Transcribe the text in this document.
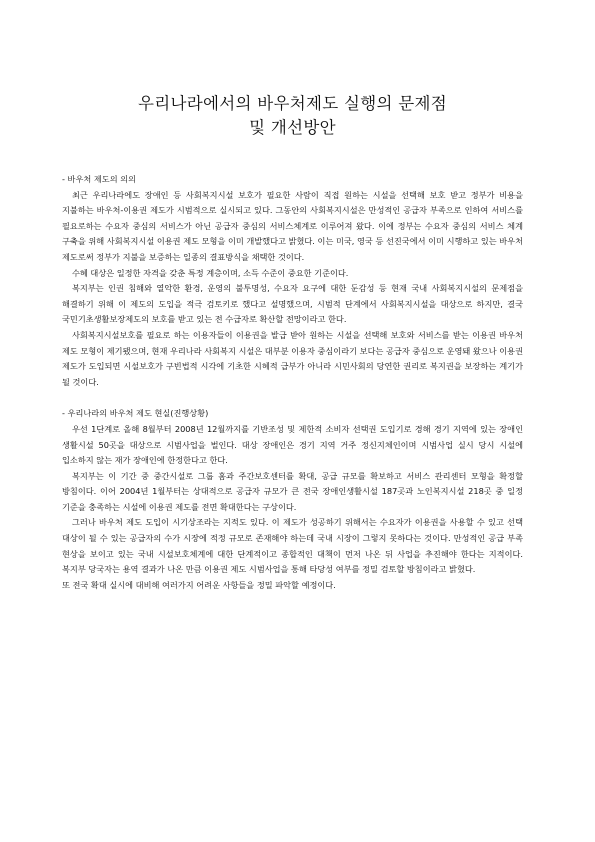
우리나라에서의 바우처제도 실행의 문제점
및 개선방안
- 바우처 제도의 의의

최근 우리나라에도 장애인 등 사회복지시설 보호가 필요한 사람이 직접 원하는 시설을 선택해 보호 받고 정부가 비용을 지불하는 바우처-이용권 제도가 시범적으로 실시되고 있다. 그동안의 사회복지시설은 만성적인 공급자 부족으로 인하여 서비스를 필요로하는 수요자 중심의 서비스가 아닌 공급자 중심의 서비스체계로 이루어져 왔다. 이에 정부는 수요자 중심의 서비스 체계 구축을 위해 사회복지시설 이용권 제도 모형을 이미 개발했다고 밝혔다. 이는 미국, 영국 등 선진국에서 이미 시행하고 있는 바우처 제도로써 정부가 지불을 보증하는 일종의 결표방식을 채택한 것이다.

수혜 대상은 일정한 자격을 갖춘 특정 계층이며, 소득 수준이 중요한 기준이다.

복지부는 인권 침해와 열악한 환경, 운영의 불투명성, 수요자 요구에 대한 둔감성 등 현재 국내 사회복지시설의 문제점을 해결하기 위해 이 제도의 도입을 적극 검토키로 했다고 설명했으며, 시범적 단계에서 사회복지시설을 대상으로 하지만, 결국 국민기초생활보장제도의 보호를 받고 있는 전 수급자로 확산할 전망이라고 한다.

사회복지시설보호를 필요로 하는 이용자들이 이용권을 발급 받아 원하는 시설을 선택해 보호와 서비스를 받는 이용권 바우처 제도 모형이 제기됐으며, 현재 우리나라 사회복지 시설은 대부분 이용자 중심이라기 보다는 공급자 중심으로 운영돼 왔으나 이용권 제도가 도입되면 시설보호가 구빈법적 시각에 기초한 시혜적 급부가 아니라 시민사회의 당연한 권리로 복지권을 보장하는 계기가 될 것이다.

- 우리나라의 바우처 제도 현실(진행상황)

우선 1단계로 올해 8월부터 2008년 12월까지를 기반조성 및 제한적 소비자 선택권 도입기로 경해 경기 지역에 있는 장애인 생활시설 50곳을 대상으로 시범사업을 벌인다. 대상 장애인은 경기 지역 거주 정신지체인이며 시범사업 실시 당시 시설에 입소하지 않는 재가 장애인에 한정한다고 한다.

복지부는 이 기간 중 중간시설로 그룹 홈과 주간보호센터를 확대, 공급 규모를 확보하고 서비스 관리센터 모형을 확정할 방침이다. 이어 2004년 1월부터는 상대적으로 공급자 규모가 큰 전국 장애인생활시설 187곳과 노인복지시설 218곳 중 일정 기준을 충족하는 시설에 이용권 제도를 전면 확대한다는 구상이다.

그러나 바우처 제도 도입이 시기상조라는 지적도 있다. 이 제도가 성공하기 위해서는 수요자가 이용권을 사용할 수 있고 선택 대상이 될 수 있는 공급자의 수가 시장에 적정 규모로 존재해야 하는데 국내 시장이 그렇지 못하다는 것이다. 만성적인 공급 부족 현상을 보이고 있는 국내 시설보호체계에 대한 단계적이고 종합적인 대책이 먼저 나온 뒤 사업을 추진해야 한다는 지적이다. 복지부 당국자는 용역 결과가 나온 만큼 이용권 제도 시범사업을 통해 타당성 여부를 정밀 검토할 방침이라고 밝혔다.

또 전국 확대 실시에 대비해 여러가지 어려운 사항들을 정밀 파악할 예정이다.
